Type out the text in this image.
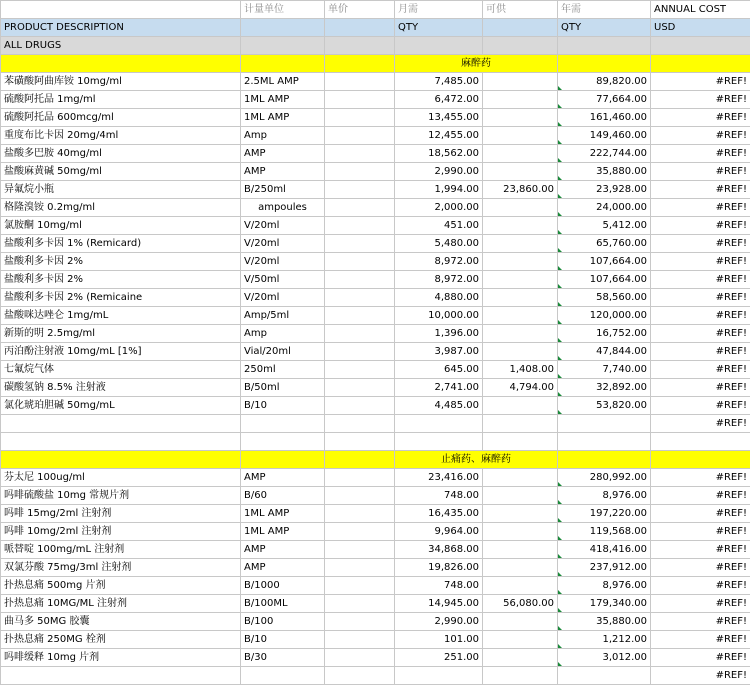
	计量单位	单价	月需	可供	年需	ANNUAL COST
PRODUCT DESCRIPTION			QTY		QTY	USD
ALL DRUGS						
			麻醉药			
苯磺酸阿曲库铵 10mg/ml	2.5ML AMP		7,485.00		89,820.00	#REF!
硫酸阿托品 1mg/ml	1ML AMP		6,472.00		77,664.00	#REF!
硫酸阿托品 600mcg/ml	1ML AMP		13,455.00		161,460.00	#REF!
重度布比卡因 20mg/4ml	Amp		12,455.00		149,460.00	#REF!
盐酸多巴胺 40mg/ml	AMP		18,562.00		222,744.00	#REF!
盐酸麻黄碱 50mg/ml	AMP		2,990.00		35,880.00	#REF!
异氟烷小瓶	B/250ml		1,994.00	23,860.00	23,928.00	#REF!
格隆溴铵 0.2mg/ml	ampoules		2,000.00		24,000.00	#REF!
氯胺酮 10mg/ml	V/20ml		451.00		5,412.00	#REF!
盐酸利多卡因 1% (Remicard)	V/20ml		5,480.00		65,760.00	#REF!
盐酸利多卡因 2%	V/20ml		8,972.00		107,664.00	#REF!
盐酸利多卡因 2%	V/50ml		8,972.00		107,664.00	#REF!
盐酸利多卡因 2% (Remicaine	V/20ml		4,880.00		58,560.00	#REF!
盐酸咪达唑仑 1mg/mL	Amp/5ml		10,000.00		120,000.00	#REF!
新斯的明 2.5mg/ml	Amp		1,396.00		16,752.00	#REF!
丙泊酚注射液 10mg/mL [1%]	Vial/20ml		3,987.00		47,844.00	#REF!
七氟烷气体	250ml		645.00	1,408.00	7,740.00	#REF!
碳酸氢钠 8.5% 注射液	B/50ml		2,741.00	4,794.00	32,892.00	#REF!
氯化琥珀胆碱 50mg/mL	B/10		4,485.00		53,820.00	#REF!
						#REF!

			止痛药、麻醉药			
芬太尼 100ug/ml	AMP		23,416.00		280,992.00	#REF!
吗啡硫酸盐 10mg 常规片剂	B/60		748.00		8,976.00	#REF!
吗啡 15mg/2ml 注射剂	1ML AMP		16,435.00		197,220.00	#REF!
吗啡 10mg/2ml 注射剂	1ML AMP		9,964.00		119,568.00	#REF!
哌替啶 100mg/mL 注射剂	AMP		34,868.00		418,416.00	#REF!
双氯芬酸 75mg/3ml 注射剂	AMP		19,826.00		237,912.00	#REF!
扑热息痛 500mg 片剂	B/1000		748.00		8,976.00	#REF!
扑热息痛 10MG/ML 注射剂	B/100ML		14,945.00	56,080.00	179,340.00	#REF!
曲马多 50MG 胶囊	B/100		2,990.00		35,880.00	#REF!
扑热息痛 250MG 栓剂	B/10		101.00		1,212.00	#REF!
吗啡缓释 10mg 片剂	B/30		251.00		3,012.00	#REF!
						#REF!
